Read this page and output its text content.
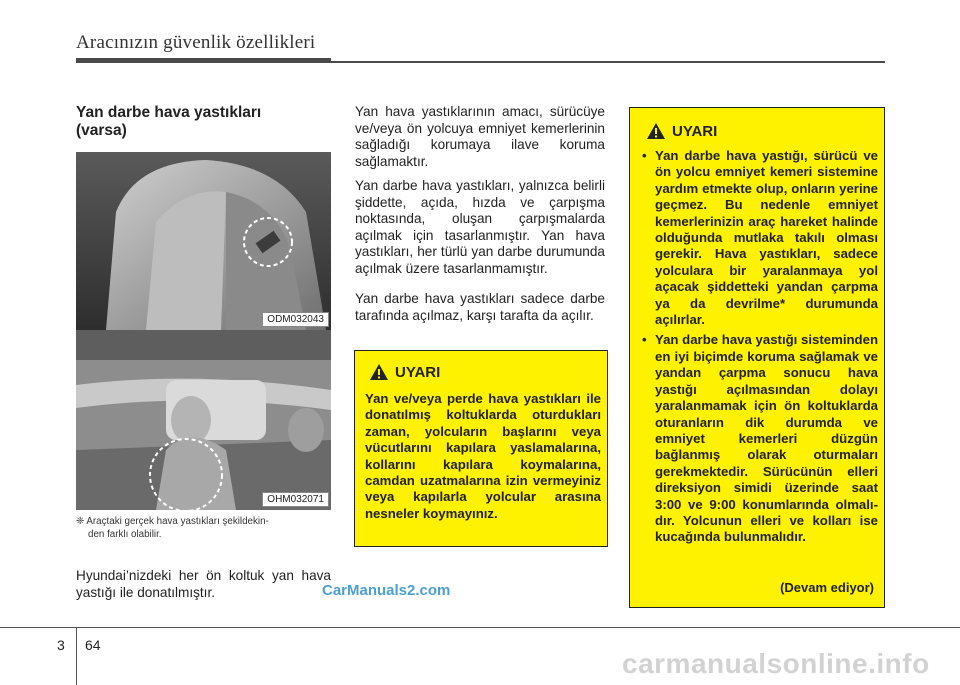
Aracınızın güvenlik özellikleri
Yan darbe hava yastıkları
(varsa)
ODM032043
OHM032071
❈ Araçtaki gerçek hava yastıkları şekildekin-
den farklı olabilir.
Hyundai’nizdeki her ön koltuk yan hava yastığı ile donatılmıştır.

Yan hava yastıklarının amacı, sürücüye ve/veya ön yolcuya emniyet kemerlerinin sağladığı korumaya ilave koruma sağlamaktır.

Yan darbe hava yastıkları, yalnızca belirli şiddette, açıda, hızda ve çarpışma noktasında, oluşan çarpışmalarda açılmak için tasarlanmıştır. Yan hava yastıkları, her türlü yan darbe durumunda açılmak üzere tasarlanmamıştır.

Yan darbe hava yastıkları sadece darbe tarafında açılmaz, karşı tarafta da açılır.

UYARI
Yan ve/veya perde hava yastıkları ile donatılmış koltuklarda oturdukları zaman, yolcuların başlarını veya vücutlarını kapılara yaslamalarına, kollarını kapılara koymalarına, camdan uzatmalarına izin vermeyiniz veya kapılarla yolcular arasına nesneler koymayınız.
UYARI
• Yan darbe hava yastığı, sürücü ve ön yolcu emniyet kemeri sistemine yardım etmekte olup, onların yerine geçmez. Bu nedenle emniyet kemerlerinizin araç hareket halinde olduğunda mutlaka takılı olması gerekir. Hava yastıkları, sadece yolculara bir yaralanmaya yol açacak şiddetteki yandan çarpma ya da devrilme* durumunda açılırlar.
• Yan darbe hava yastığı sisteminden en iyi biçimde koruma sağlamak ve yandan çarpma sonucu hava yastığı açılmasından dolayı yaralanmamak için ön koltuklarda oturanların dik durumda ve emniyet kemerleri düzgün bağlanmış olarak oturmaları gerekmektedir. Sürücünün elleri direksiyon simidi üzerinde saat 3:00 ve 9:00 konumlarında olmalıdır. Yolcunun elleri ve kolları ise kucağında bulunmalıdır.
(Devam ediyor)
CarManuals2.com
3 64
carmanualsonline.info
